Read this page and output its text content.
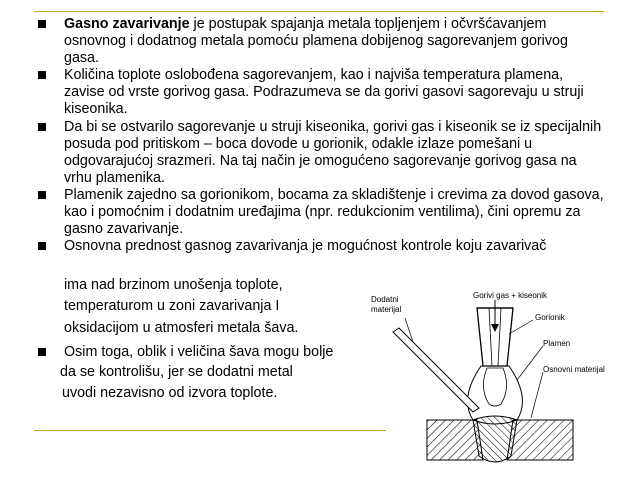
Gasno zavarivanje je postupak spajanja metala topljenjem i očvršćavanjem osnovnog i dodatnog metala pomoću plamena dobijenog sagorevanjem gorivog gasa.
Količina toplote oslobođena sagorevanjem, kao i najviša temperatura plamena, zavise od vrste gorivog gasa. Podrazumeva se da gorivi gasovi sagorevaju u struji kiseonika.
Da bi se ostvarilo sagorevanje u struji kiseonika, gorivi gas i kiseonik se iz specijalnih posuda pod pritiskom – boca dovode u gorionik, odakle izlaze pomešani u odgovarajućoj srazmeri. Na taj način je omogućeno sagorevanje gorivog gasa na vrhu plamenika.
Plamenik zajedno sa gorionikom, bocama za skladištenje i crevima za dovod gasova, kao i pomoćnim i dodatnim uređajima (npr. redukcionim ventilima), čini opremu za gasno zavarivanje.
Osnovna prednost gasnog zavarivanja je mogućnost kontrole koju zavarivač
ima nad brzinom unošenja toplote,
temperaturom u zoni zavarivanja I
oksidacijom u atmosferi metala šava.
Osim toga, oblik i veličina šava mogu bolje
da se kontrolišu, jer se dodatni metal
uvodi nezavisno od izvora toplote.
Dodatni
materijal
Gorivi gas + kiseonik
Gorionik
Plamen
Osnovni materijal
